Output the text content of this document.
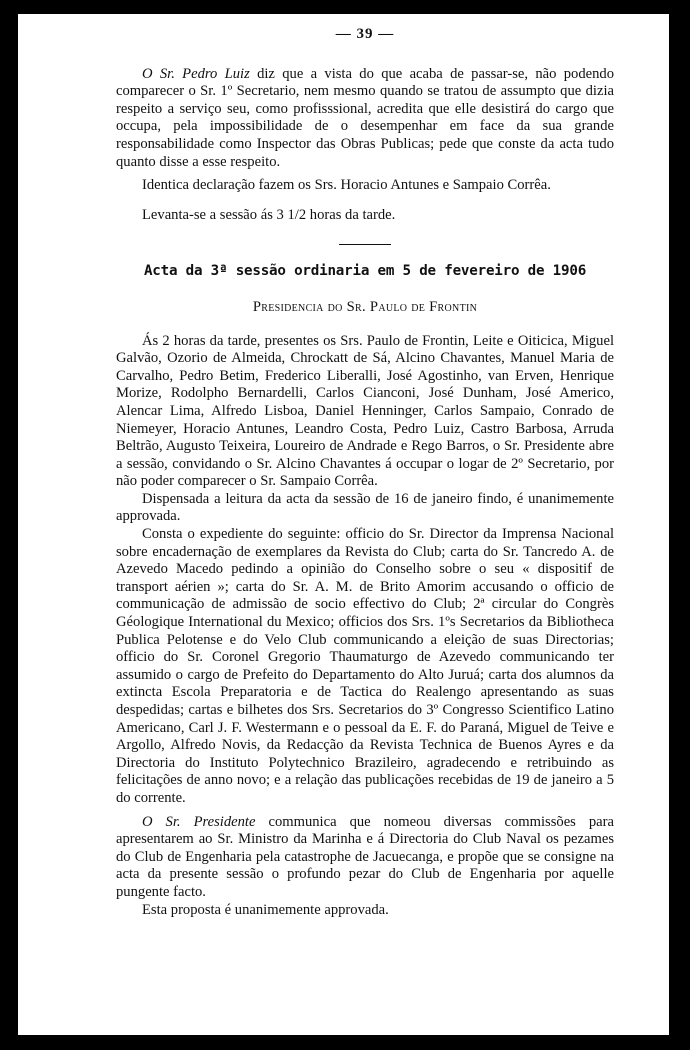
— 39 —

O Sr. Pedro Luiz diz que a vista do que acaba de passar-se, não podendo comparecer o Sr. 1º Secretario, nem mesmo quando se tratou de assumpto que dizia respeito a serviço seu, como profisssional, acredita que elle desistirá do cargo que occupa, pela impossibilidade de o desempenhar em face da sua grande responsabilidade como Inspector das Obras Publicas; pede que conste da acta tudo quanto disse a esse respeito.

Identica declaração fazem os Srs. Horacio Antunes e Sampaio Corrêa.

Levanta-se a sessão ás 3 1/2 horas da tarde.

Acta da 3ª sessão ordinaria em 5 de fevereiro de 1906
Presidencia do Sr. Paulo de Frontin

Ás 2 horas da tarde, presentes os Srs. Paulo de Frontin, Leite e Oiticica, Miguel Galvão, Ozorio de Almeida, Chrockatt de Sá, Alcino Chavantes, Manuel Maria de Carvalho, Pedro Betim, Frederico Liberalli, José Agostinho, van Erven, Henrique Morize, Rodolpho Bernardelli, Carlos Cianconi, José Dunham, José Americo, Alencar Lima, Alfredo Lisboa, Daniel Henninger, Carlos Sampaio, Conrado de Niemeyer, Horacio Antunes, Leandro Costa, Pedro Luiz, Castro Barbosa, Arruda Beltrão, Augusto Teixeira, Loureiro de Andrade e Rego Barros, o Sr. Presidente abre a sessão, convidando o Sr. Alcino Chavantes á occupar o logar de 2º Secretario, por não poder comparecer o Sr. Sampaio Corrêa.

Dispensada a leitura da acta da sessão de 16 de janeiro findo, é unanimemente approvada.

Consta o expediente do seguinte: officio do Sr. Director da Imprensa Nacional sobre encadernação de exemplares da Revista do Club; carta do Sr. Tancredo A. de Azevedo Macedo pedindo a opinião do Conselho sobre o seu « dispositif de transport aérien »; carta do Sr. A. M. de Brito Amorim accusando o officio de communicação de admissão de socio effectivo do Club; 2ª circular do Congrès Géologique International du Mexico; officios dos Srs. 1ºs Secretarios da Bibliotheca Publica Pelotense e do Velo Club communicando a eleição de suas Directorias; officio do Sr. Coronel Gregorio Thaumaturgo de Azevedo communicando ter assumido o cargo de Prefeito do Departamento do Alto Juruá; carta dos alumnos da extincta Escola Preparatoria e de Tactica do Realengo apresentando as suas despedidas; cartas e bilhetes dos Srs. Secretarios do 3º Congresso Scientifico Latino Americano, Carl J. F. Westermann e o pessoal da E. F. do Paraná, Miguel de Teive e Argollo, Alfredo Novis, da Redacção da Revista Technica de Buenos Ayres e da Directoria do Instituto Polytechnico Brazileiro, agradecendo e retribuindo as felicitações de anno novo; e a relação das publicações recebidas de 19 de janeiro a 5 do corrente.

O Sr. Presidente communica que nomeou diversas commissões para apresentarem ao Sr. Ministro da Marinha e á Directoria do Club Naval os pezames do Club de Engenharia pela catastrophe de Jacuecanga, e propõe que se consigne na acta da presente sessão o profundo pezar do Club de Engenharia por aquelle pungente facto.

Esta proposta é unanimemente approvada.
